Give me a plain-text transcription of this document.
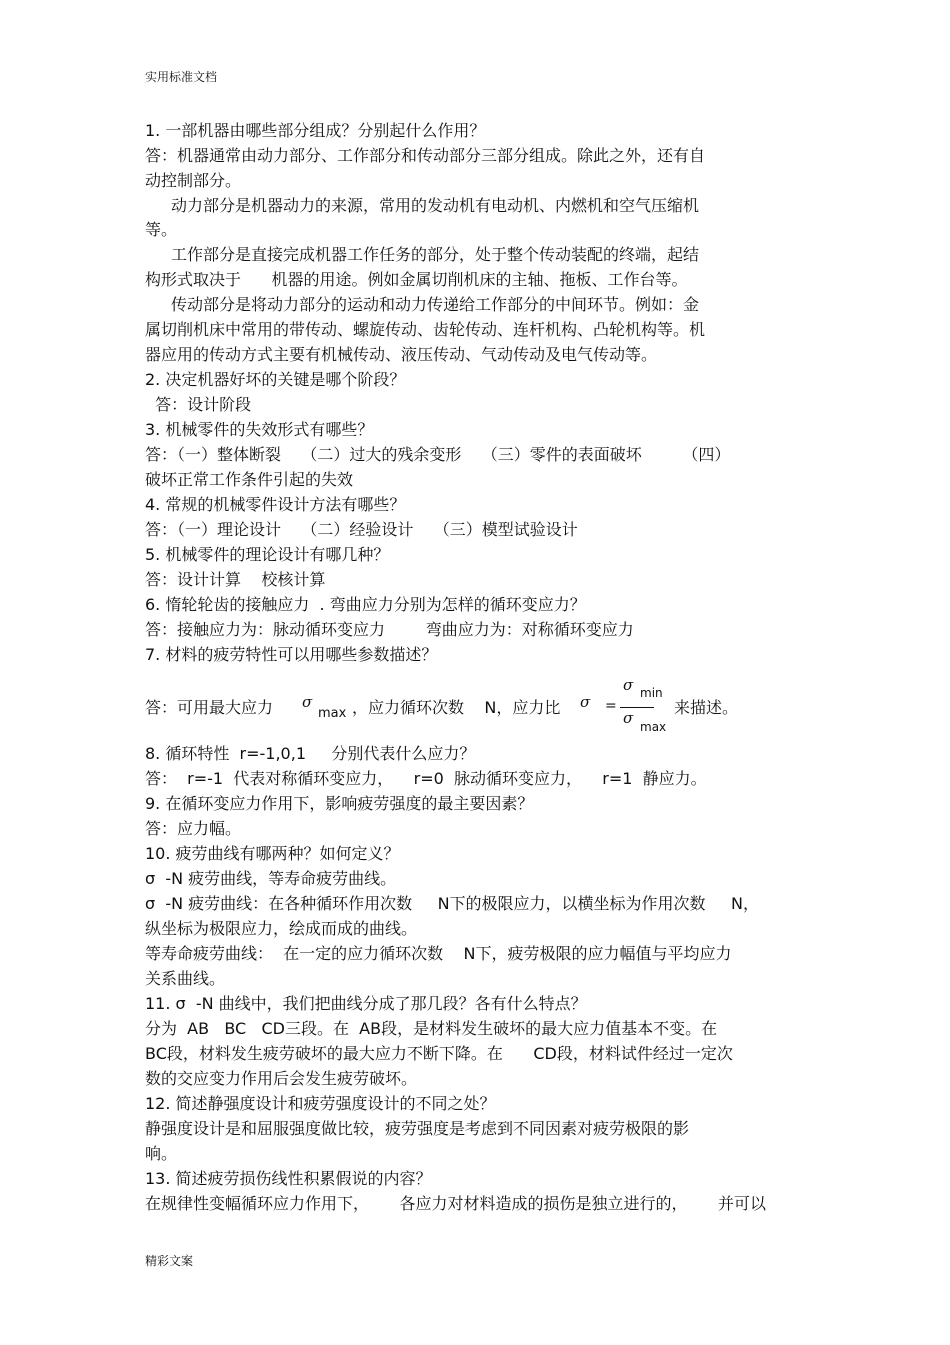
实用标准文档
1. 一部机器由哪些部分组成？分别起什么作用？
答：机器通常由动力部分、工作部分和传动部分三部分组成。除此之外，还有自
动控制部分。
动力部分是机器动力的来源，常用的发动机有电动机、内燃机和空气压缩机
等。
工作部分是直接完成机器工作任务的部分，处于整个传动装配的终端，起结
构形式取决于      机器的用途。例如金属切削机床的主轴、拖板、工作台等。
传动部分是将动力部分的运动和动力传递给工作部分的中间环节。例如：金
属切削机床中常用的带传动、螺旋传动、齿轮传动、连杆机构、凸轮机构等。机
器应用的传动方式主要有机械传动、液压传动、气动传动及电气传动等。
2. 决定机器好坏的关键是哪个阶段？
答：设计阶段
3. 机械零件的失效形式有哪些？
答：（一）整体断裂    （二）过大的残余变形    （三）零件的表面破坏        （四）
破坏正常工作条件引起的失效
4. 常规的机械零件设计方法有哪些？
答：（一）理论设计    （二）经验设计    （三）模型试验设计
5. 机械零件的理论设计有哪几种？
答：设计计算    校核计算
6. 惰轮轮齿的接触应力  . 弯曲应力分别为怎样的循环变应力？
答：接触应力为：脉动循环变应力        弯曲应力为：对称循环变应力
7. 材料的疲劳特性可以用哪些参数描述？
答：可用最大应力 σ
max ，应力循环次数    N，应力比 σ =
σ min
σ max
来描述。
8. 循环特性  r=-1,0,1     分别代表什么应力？
答：  r=-1  代表对称循环变应力，    r=0  脉动循环变应力，    r=1  静应力。
9. 在循环变应力作用下，影响疲劳强度的最主要因素？
答：应力幅。
10. 疲劳曲线有哪两种？如何定义？
σ  -N 疲劳曲线，等寿命疲劳曲线。
σ  -N 疲劳曲线：在各种循环作用次数     N下的极限应力，以横坐标为作用次数     N，
纵坐标为极限应力，绘成而成的曲线。
等寿命疲劳曲线：  在一定的应力循环次数    N下，疲劳极限的应力幅值与平均应力
关系曲线。
11. σ  -N 曲线中，我们把曲线分成了那几段？各有什么特点？
分为  AB   BC   CD三段。在  AB段，是材料发生破坏的最大应力值基本不变。在
BC段，材料发生疲劳破坏的最大应力不断下降。在      CD段，材料试件经过一定次
数的交应变力作用后会发生疲劳破坏。
12. 简述静强度设计和疲劳强度设计的不同之处？
静强度设计是和屈服强度做比较，疲劳强度是考虑到不同因素对疲劳极限的影
响。
13. 简述疲劳损伤线性积累假说的内容？
在规律性变幅循环应力作用下，      各应力对材料造成的损伤是独立进行的，      并可以
精彩文案
